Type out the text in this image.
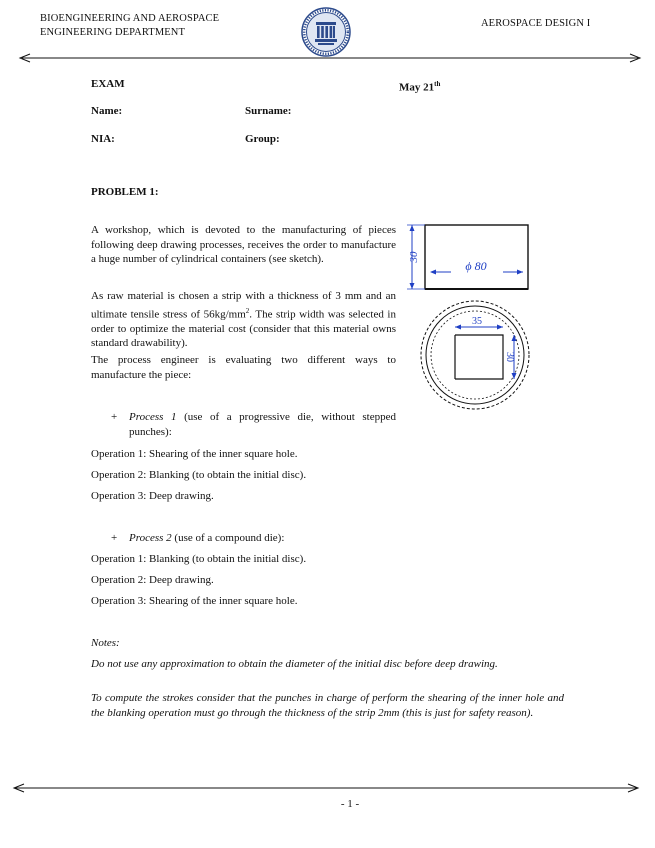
BIOENGINEERING AND AEROSPACE
ENGINEERING DEPARTMENT
AEROSPACE DESIGN I
EXAM	May 21th
Name:	Surname:
NIA:	Group:
PROBLEM 1:
A workshop, which is devoted to the manufacturing of pieces following deep drawing processes, receives the order to manufacture a huge number of cylindrical containers (see sketch).
As raw material is chosen a strip with a thickness of 3 mm and an ultimate tensile stress of $56kg/mm^2$. The strip width was selected in order to optimize the material cost (consider that this material owns standard drawability).
The process engineer is evaluating two different ways to manufacture the piece:
30
ϕ 80
35
30
+ Process 1 (use of a progressive die, without stepped punches):
Operation 1: Shearing of the inner square hole.
Operation 2: Blanking (to obtain the initial disc).
Operation 3: Deep drawing.
+ Process 2 (use of a compound die):
Operation 1: Blanking (to obtain the initial disc).
Operation 2: Deep drawing.
Operation 3: Shearing of the inner square hole.
Notes:
Do not use any approximation to obtain the diameter of the initial disc before deep drawing.
To compute the strokes consider that the punches in charge of perform the shearing of the inner hole and the blanking operation must go through the thickness of the strip 2mm (this is just for safety reason).
- 1 -
